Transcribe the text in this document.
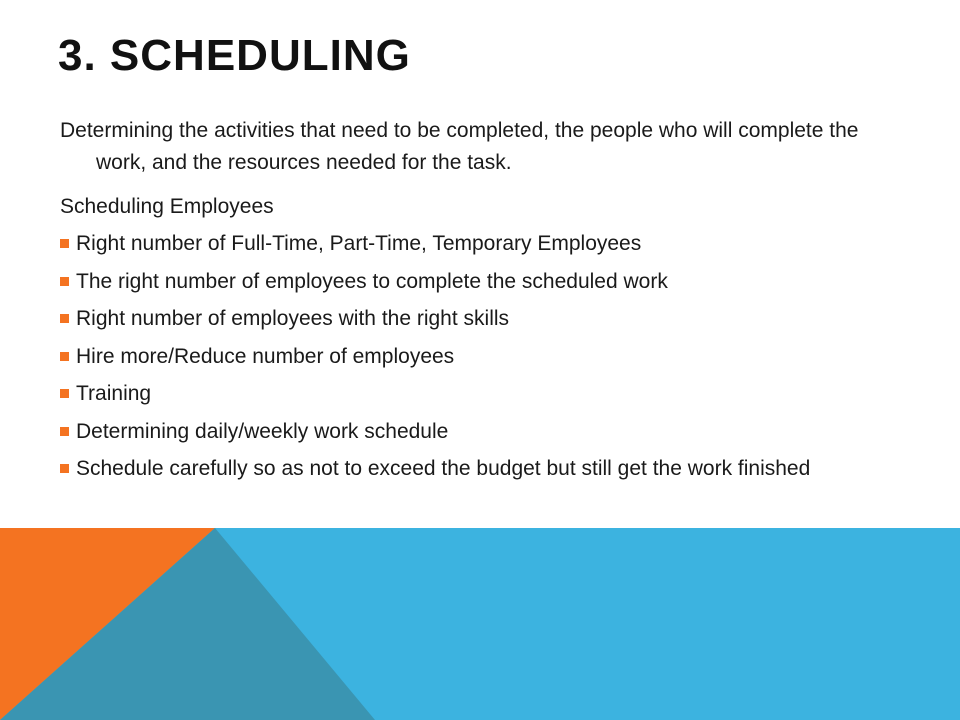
3. SCHEDULING

Determining the activities that need to be completed, the people who will complete the work, and the resources needed for the task.

Scheduling Employees

Right number of Full-Time, Part-Time, Temporary Employees
The right number of employees to complete the scheduled work
Right number of employees with the right skills
Hire more/Reduce number of employees
Training
Determining daily/weekly work schedule
Schedule carefully so as not to exceed the budget but still get the work finished
